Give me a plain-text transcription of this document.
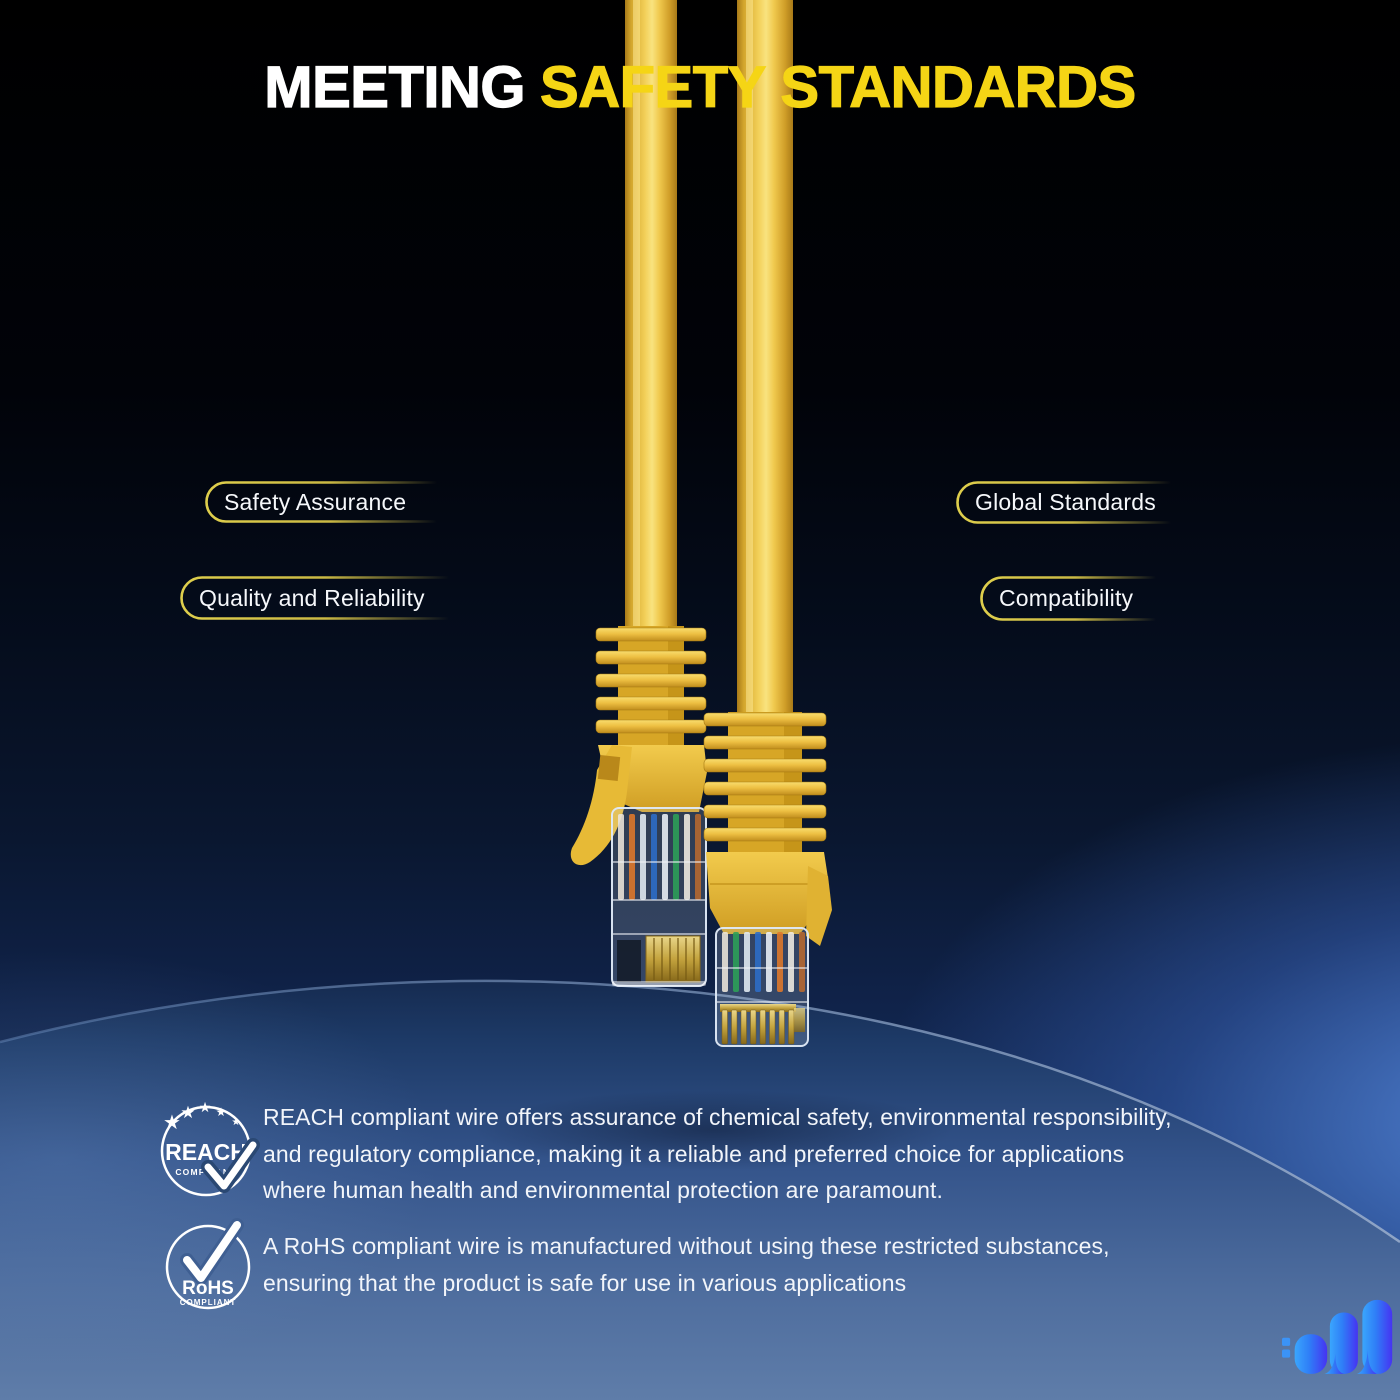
MEETING SAFETY STANDARDS
Safety Assurance
Quality and Reliability
Global Standards
Compatibility
★ ★ ★ ★
★
REACH
COMPLIANT

REACH compliant wire offers assurance of chemical safety, environmental responsibility,

and regulatory compliance, making it a reliable and preferred choice for applications

where human health and environmental protection are paramount.

RoHS
COMPLIANT

A RoHS compliant wire is manufactured without using these restricted substances,

ensuring that the product is safe for use in various applications
